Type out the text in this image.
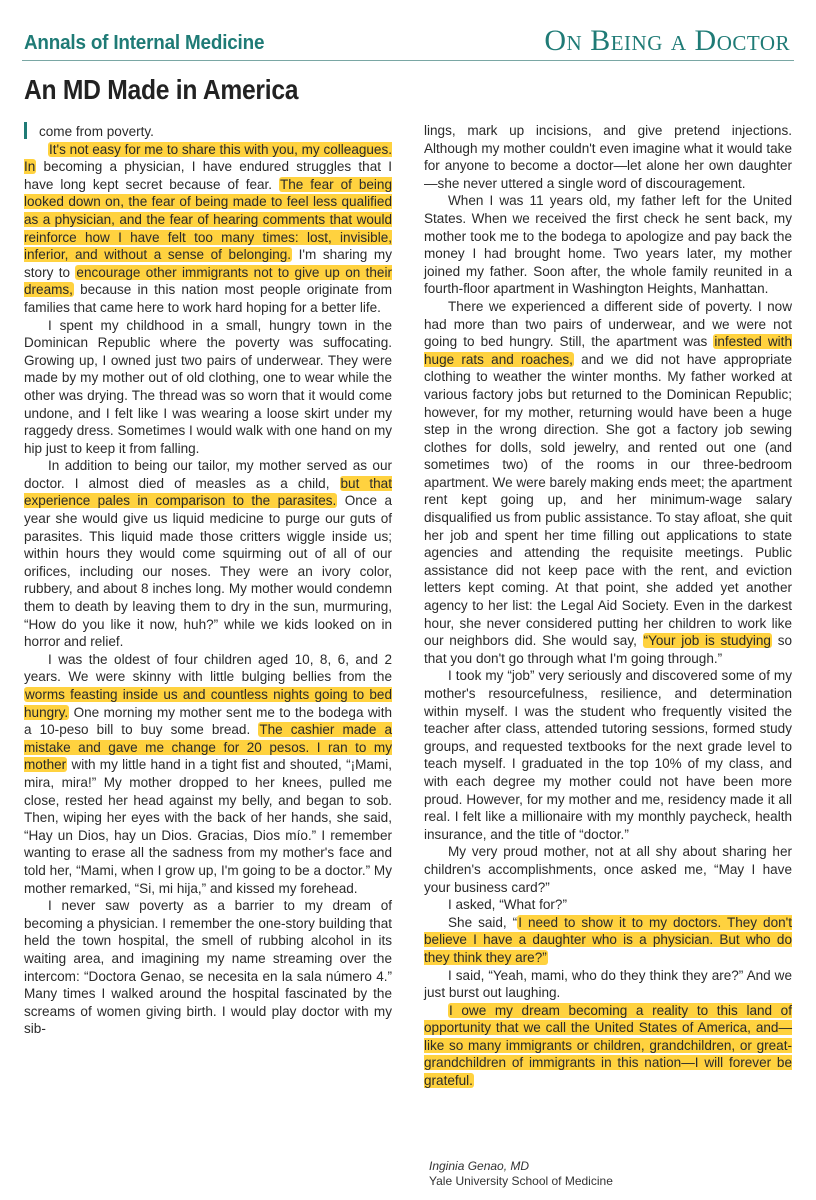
Annals of Internal Medicine	On Being a Doctor
An MD Made in America

come from poverty.

It's not easy for me to share this with you, my colleagues. In becoming a physician, I have endured struggles that I have long kept secret because of fear. The fear of being looked down on, the fear of being made to feel less qualified as a physician, and the fear of hearing comments that would reinforce how I have felt too many times: lost, invisible, inferior, and without a sense of belonging. I'm sharing my story to encourage other immigrants not to give up on their dreams, because in this nation most people originate from families that came here to work hard hoping for a better life.

I spent my childhood in a small, hungry town in the Dominican Republic where the poverty was suffocating. Growing up, I owned just two pairs of underwear. They were made by my mother out of old clothing, one to wear while the other was drying. The thread was so worn that it would come undone, and I felt like I was wearing a loose skirt under my raggedy dress. Sometimes I would walk with one hand on my hip just to keep it from falling.

In addition to being our tailor, my mother served as our doctor. I almost died of measles as a child, but that experience pales in comparison to the parasites. Once a year she would give us liquid medicine to purge our guts of parasites. This liquid made those critters wiggle inside us; within hours they would come squirming out of all of our orifices, including our noses. They were an ivory color, rubbery, and about 8 inches long. My mother would condemn them to death by leaving them to dry in the sun, murmuring, “How do you like it now, huh?” while we kids looked on in horror and relief.

I was the oldest of four children aged 10, 8, 6, and 2 years. We were skinny with little bulging bellies from the worms feasting inside us and countless nights going to bed hungry. One morning my mother sent me to the bodega with a 10-peso bill to buy some bread. The cashier made a mistake and gave me change for 20 pesos. I ran to my mother with my little hand in a tight fist and shouted, “¡Mami, mira, mira!” My mother dropped to her knees, pulled me close, rested her head against my belly, and began to sob. Then, wiping her eyes with the back of her hands, she said, “Hay un Dios, hay un Dios. Gracias, Dios mío.” I remember wanting to erase all the sadness from my mother's face and told her, “Mami, when I grow up, I'm going to be a doctor.” My mother remarked, “Si, mi hija,” and kissed my forehead.

I never saw poverty as a barrier to my dream of becoming a physician. I remember the one-story building that held the town hospital, the smell of rubbing alcohol in its waiting area, and imagining my name streaming over the intercom: “Doctora Genao, se necesita en la sala número 4.” Many times I walked around the hospital fascinated by the screams of women giving birth. I would play doctor with my sib-

lings, mark up incisions, and give pretend injections. Although my mother couldn't even imagine what it would take for anyone to become a doctor—let alone her own daughter—she never uttered a single word of discouragement.

When I was 11 years old, my father left for the United States. When we received the first check he sent back, my mother took me to the bodega to apologize and pay back the money I had brought home. Two years later, my mother joined my father. Soon after, the whole family reunited in a fourth-floor apartment in Washington Heights, Manhattan.

There we experienced a different side of poverty. I now had more than two pairs of underwear, and we were not going to bed hungry. Still, the apartment was infested with huge rats and roaches, and we did not have appropriate clothing to weather the winter months. My father worked at various factory jobs but returned to the Dominican Republic; however, for my mother, returning would have been a huge step in the wrong direction. She got a factory job sewing clothes for dolls, sold jewelry, and rented out one (and sometimes two) of the rooms in our three-bedroom apartment. We were barely making ends meet; the apartment rent kept going up, and her minimum-wage salary disqualified us from public assistance. To stay afloat, she quit her job and spent her time filling out applications to state agencies and attending the requisite meetings. Public assistance did not keep pace with the rent, and eviction letters kept coming. At that point, she added yet another agency to her list: the Legal Aid Society. Even in the darkest hour, she never considered putting her children to work like our neighbors did. She would say, “Your job is studying so that you don't go through what I'm going through.”

I took my “job” very seriously and discovered some of my mother's resourcefulness, resilience, and determination within myself. I was the student who frequently visited the teacher after class, attended tutoring sessions, formed study groups, and requested textbooks for the next grade level to teach myself. I graduated in the top 10% of my class, and with each degree my mother could not have been more proud. However, for my mother and me, residency made it all real. I felt like a millionaire with my monthly paycheck, health insurance, and the title of “doctor.”

My very proud mother, not at all shy about sharing her children's accomplishments, once asked me, “May I have your business card?”

I asked, “What for?”

She said, “I need to show it to my doctors. They don't believe I have a daughter who is a physician. But who do they think they are?”

I said, “Yeah, mami, who do they think they are?” And we just burst out laughing.

I owe my dream becoming a reality to this land of opportunity that we call the United States of America, and—like so many immigrants or children, grandchildren, or great-grandchildren of immigrants in this nation—I will forever be grateful.

Inginia Genao, MD
Yale University School of Medicine
